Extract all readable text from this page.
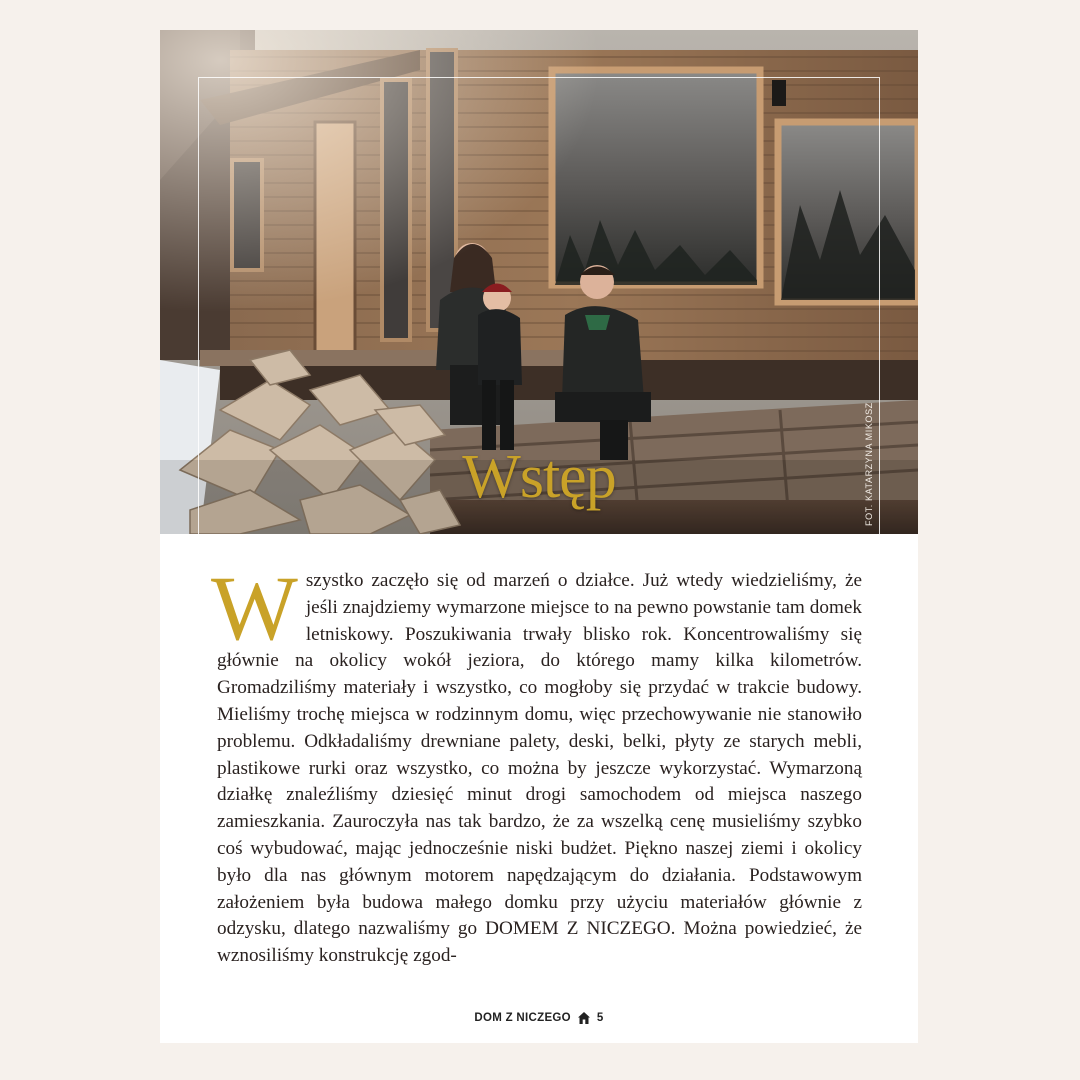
FOT. KATARZYNA MIKOSZ
Wstęp
W szystko zaczęło się od marzeń o działce. Już wtedy wiedzieliśmy, że jeśli znajdziemy wymarzone miejsce to na pewno powstanie tam domek letniskowy. Poszukiwania trwały blisko rok. Koncentrowaliśmy się głównie na okolicy wokół jeziora, do którego mamy kilka kilometrów. Gromadziliśmy materiały i wszystko, co mogłoby się przydać w trakcie budowy. Mieliśmy trochę miejsca w rodzinnym domu, więc przechowywanie nie stanowiło problemu. Odkładaliśmy drewniane palety, deski, belki, płyty ze starych mebli, plastikowe rurki oraz wszystko, co można by jeszcze wykorzystać. Wymarzoną działkę znaleźliśmy dziesięć minut drogi samochodem od miejsca naszego zamieszkania. Zauroczyła nas tak bardzo, że za wszelką cenę musieliśmy szybko coś wybudować, mając jednocześnie niski budżet. Piękno naszej ziemi i okolicy było dla nas głównym motorem napędzającym do działania. Podstawowym założeniem była budowa małego domku przy użyciu materiałów głównie z odzysku, dlatego nazwaliśmy go DOMEM Z NICZEGO. Można powiedzieć, że wznosiliśmy konstrukcję zgod-

DOM Z NICZEGO 5
